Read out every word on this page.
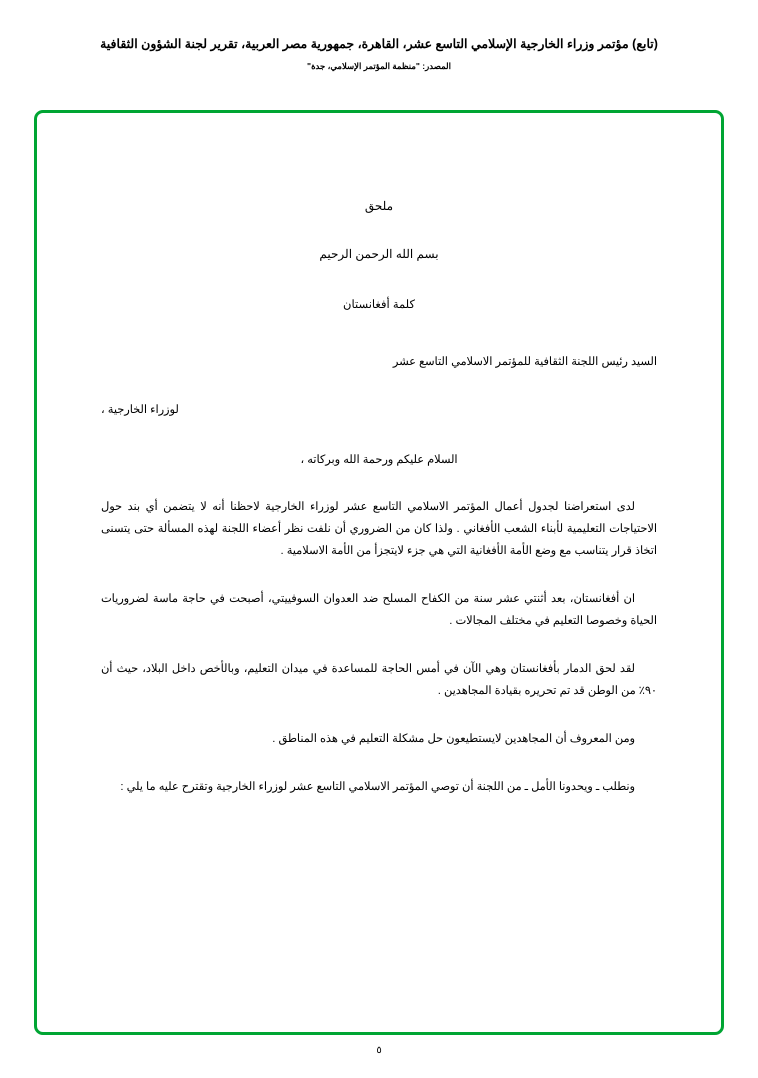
(تابع) مؤتمر وزراء الخارجية الإسلامي التاسع عشر، القاهرة، جمهورية مصر العربية، تقرير لجنة الشؤون الثقافية
المصدر: "منظمة المؤتمر الإسلامي، جدة"
ملحق
بسم الله الرحمن الرحيم
كلمة أفغانستان

السيد رئيس اللجنة الثقافية للمؤتمر الاسلامي التاسع عشر

لوزراء الخارجية ،

السلام عليكم ورحمة الله وبركاته ،

لدى استعراضنا لجدول أعمال المؤتمر الاسلامي التاسع عشر لوزراء الخارجية لاحظنا أنه لا يتضمن أي بند حول الاحتياجات التعليمية لأبناء الشعب الأفغاني . ولذا كان من الضروري أن نلفت نظر أعضاء اللجنة لهذه المسألة حتى يتسنى اتخاذ قرار يتناسب مع وضع الأمة الأفغانية التي هي جزء لايتجزأ من الأمة الاسلامية .

ان أفغانستان، بعد أثنتي عشر سنة من الكفاح المسلح ضد العدوان السوفييتي، أصبحت في حاجة ماسة لضروريات الحياة وخصوصا التعليم في مختلف المجالات .

لقد لحق الدمار بأفغانستان وهي الآن في أمس الحاجة للمساعدة في ميدان التعليم، وبالأخص داخل البلاد، حيث أن ٩٠٪ من الوطن قد تم تحريره بقيادة المجاهدين .

ومن المعروف أن المجاهدين لايستطيعون حل مشكلة التعليم في هذه المناطق .

ونطلب ـ ويحدونا الأمل ـ من اللجنة أن توصي المؤتمر الاسلامي التاسع عشر لوزراء الخارجية وتقترح عليه ما يلي :

٥
